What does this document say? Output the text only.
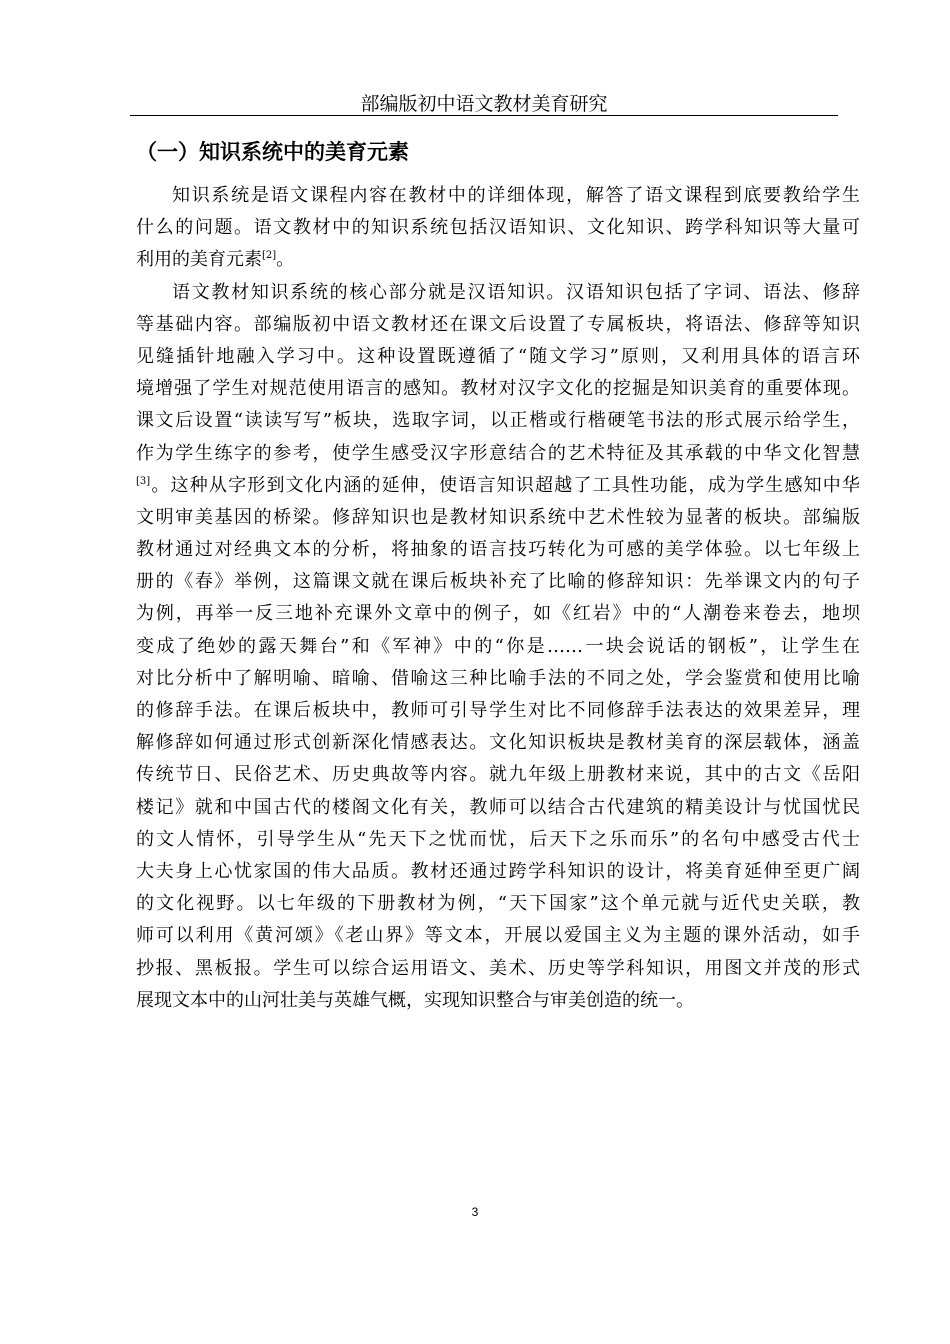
部编版初中语文教材美育研究
（一）知识系统中的美育元素
知识系统是语文课程内容在教材中的详细体现，解答了语文课程到底要教给学生
什么的问题。语文教材中的知识系统包括汉语知识、文化知识、跨学科知识等大量可
利用的美育元素[2]。
语文教材知识系统的核心部分就是汉语知识。汉语知识包括了字词、语法、修辞
等基础内容。部编版初中语文教材还在课文后设置了专属板块，将语法、修辞等知识
见缝插针地融入学习中。这种设置既遵循了“随文学习”原则，又利用具体的语言环
境增强了学生对规范使用语言的感知。教材对汉字文化的挖掘是知识美育的重要体现。
课文后设置“读读写写”板块，选取字词，以正楷或行楷硬笔书法的形式展示给学生，
作为学生练字的参考，使学生感受汉字形意结合的艺术特征及其承载的中华文化智慧
[3]。这种从字形到文化内涵的延伸，使语言知识超越了工具性功能，成为学生感知中华
文明审美基因的桥梁。修辞知识也是教材知识系统中艺术性较为显著的板块。部编版
教材通过对经典文本的分析，将抽象的语言技巧转化为可感的美学体验。以七年级上
册的《春》举例，这篇课文就在课后板块补充了比喻的修辞知识：先举课文内的句子
为例，再举一反三地补充课外文章中的例子，如《红岩》中的“人潮卷来卷去，地坝
变成了绝妙的露天舞台”和《军神》中的“你是……一块会说话的钢板”，让学生在
对比分析中了解明喻、暗喻、借喻这三种比喻手法的不同之处，学会鉴赏和使用比喻
的修辞手法。在课后板块中，教师可引导学生对比不同修辞手法表达的效果差异，理
解修辞如何通过形式创新深化情感表达。文化知识板块是教材美育的深层载体，涵盖
传统节日、民俗艺术、历史典故等内容。就九年级上册教材来说，其中的古文《岳阳
楼记》就和中国古代的楼阁文化有关，教师可以结合古代建筑的精美设计与忧国忧民
的文人情怀，引导学生从“先天下之忧而忧，后天下之乐而乐”的名句中感受古代士
大夫身上心忧家国的伟大品质。教材还通过跨学科知识的设计，将美育延伸至更广阔
的文化视野。以七年级的下册教材为例，“天下国家”这个单元就与近代史关联，教
师可以利用《黄河颂》《老山界》等文本，开展以爱国主义为主题的课外活动，如手
抄报、黑板报。学生可以综合运用语文、美术、历史等学科知识，用图文并茂的形式
展现文本中的山河壮美与英雄气概，实现知识整合与审美创造的统一。
3
